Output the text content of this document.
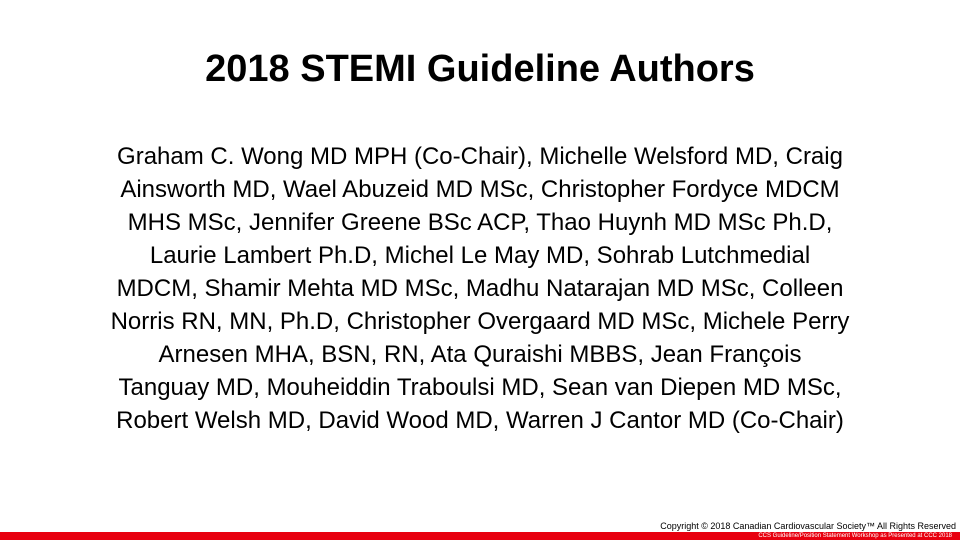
2018 STEMI Guideline Authors
Graham C. Wong MD MPH (Co-Chair), Michelle Welsford MD, Craig
Ainsworth MD, Wael Abuzeid MD MSc, Christopher Fordyce MDCM
MHS MSc, Jennifer Greene BSc ACP, Thao Huynh MD MSc Ph.D,
Laurie Lambert Ph.D, Michel Le May MD, Sohrab Lutchmedial
MDCM, Shamir Mehta MD MSc, Madhu Natarajan MD MSc, Colleen
Norris RN, MN, Ph.D, Christopher Overgaard MD MSc, Michele Perry
Arnesen MHA, BSN, RN, Ata Quraishi MBBS, Jean François
Tanguay MD, Mouheiddin Traboulsi MD, Sean van Diepen MD MSc,
Robert Welsh MD, David Wood MD, Warren J Cantor MD (Co-Chair)
Copyright © 2018 Canadian Cardiovascular Society™ All Rights Reserved
CCS Guideline/Position Statement Workshop as Presented at CCC 2018
